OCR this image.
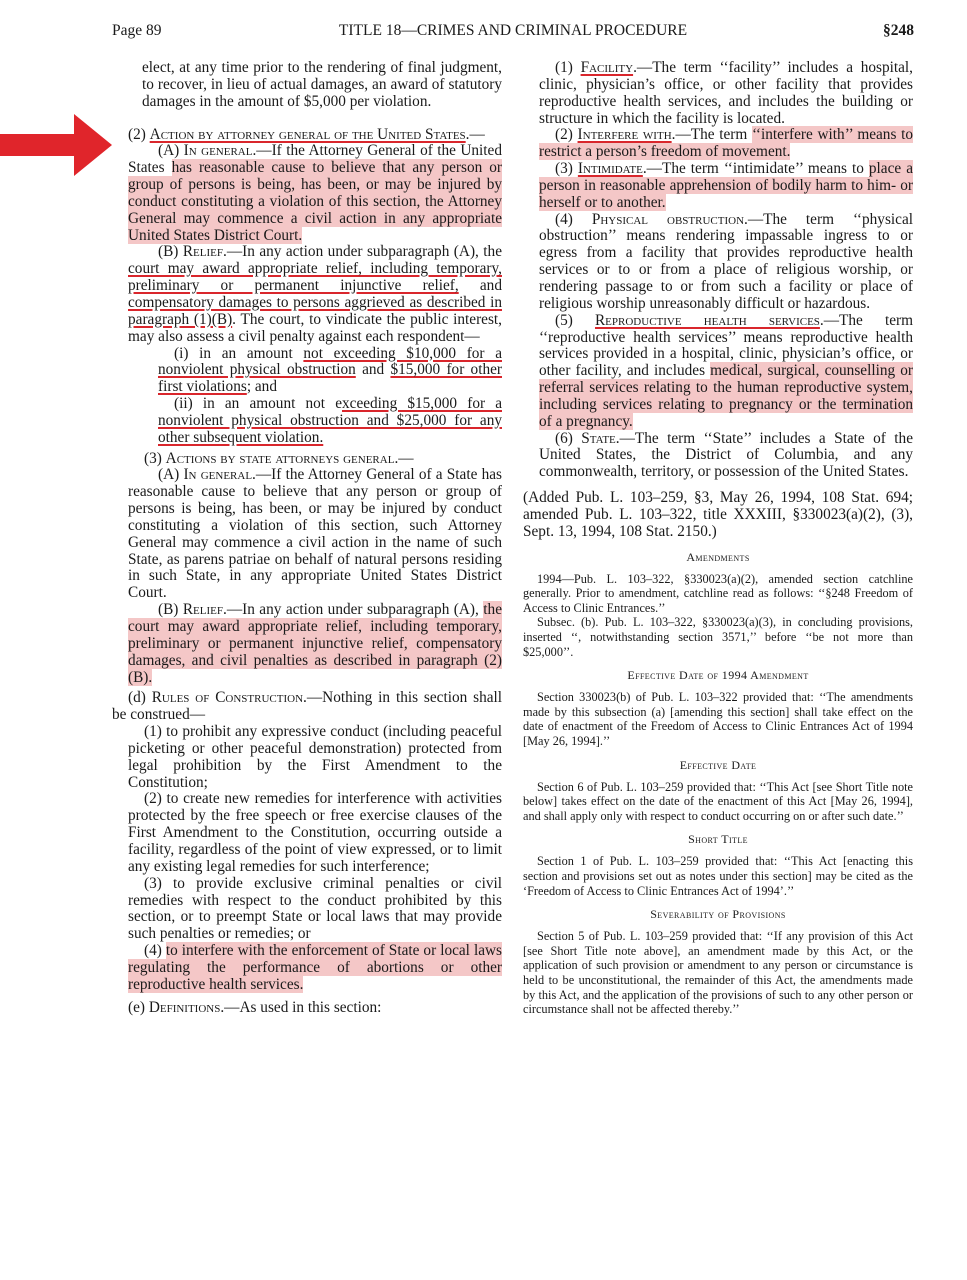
Page 89	TITLE 18—CRIMES AND CRIMINAL PROCEDURE	§248

elect, at any time prior to the rendering of final judgment, to recover, in lieu of actual damages, an award of statutory damages in the amount of $5,000 per violation.

(2) Action by attorney general of the United States.—

(A) In general.—If the Attorney General of the United States has reasonable cause to believe that any person or group of persons is being, has been, or may be injured by conduct constituting a violation of this section, the Attorney General may commence a civil action in any appropriate United States District Court.

(B) Relief.—In any action under subparagraph (A), the court may award appropriate relief, including temporary, preliminary or permanent injunctive relief, and compensatory damages to persons aggrieved as described in paragraph (1)(B). The court, to vindicate the public interest, may also assess a civil penalty against each respondent—

(i) in an amount not exceeding $10,000 for a nonviolent physical obstruction and $15,000 for other first violations; and

(ii) in an amount not exceeding $15,000 for a nonviolent physical obstruction and $25,000 for any other subsequent violation.

(3) Actions by state attorneys general.—

(A) In general.—If the Attorney General of a State has reasonable cause to believe that any person or group of persons is being, has been, or may be injured by conduct constituting a violation of this section, such Attorney General may commence a civil action in the name of such State, as parens patriae on behalf of natural persons residing in such State, in any appropriate United States District Court.

(B) Relief.—In any action under subparagraph (A), the court may award appropriate relief, including temporary, preliminary or permanent injunctive relief, compensatory damages, and civil penalties as described in paragraph (2)(B).

(d) Rules of Construction.—Nothing in this section shall be construed—

(1) to prohibit any expressive conduct (including peaceful picketing or other peaceful demonstration) protected from legal prohibition by the First Amendment to the Constitution;

(2) to create new remedies for interference with activities protected by the free speech or free exercise clauses of the First Amendment to the Constitution, occurring outside a facility, regardless of the point of view expressed, or to limit any existing legal remedies for such interference;

(3) to provide exclusive criminal penalties or civil remedies with respect to the conduct prohibited by this section, or to preempt State or local laws that may provide such penalties or remedies; or

(4) to interfere with the enforcement of State or local laws regulating the performance of abortions or other reproductive health services.

(e) Definitions.—As used in this section:

(1) Facility.—The term ‘‘facility’’ includes a hospital, clinic, physician’s office, or other facility that provides reproductive health services, and includes the building or structure in which the facility is located.

(2) Interfere with.—The term ‘‘interfere with’’ means to restrict a person’s freedom of movement.

(3) Intimidate.—The term ‘‘intimidate’’ means to place a person in reasonable apprehension of bodily harm to him- or herself or to another.

(4) Physical obstruction.—The term ‘‘physical obstruction’’ means rendering impassable ingress to or egress from a facility that provides reproductive health services or to or from a place of religious worship, or rendering passage to or from such a facility or place of religious worship unreasonably difficult or hazardous.

(5) Reproductive health services.—The term ‘‘reproductive health services’’ means reproductive health services provided in a hospital, clinic, physician’s office, or other facility, and includes medical, surgical, counselling or referral services relating to the human reproductive system, including services relating to pregnancy or the termination of a pregnancy.

(6) State.—The term ‘‘State’’ includes a State of the United States, the District of Columbia, and any commonwealth, territory, or possession of the United States.

(Added Pub. L. 103–259, §3, May 26, 1994, 108 Stat. 694; amended Pub. L. 103–322, title XXXIII, §330023(a)(2), (3), Sept. 13, 1994, 108 Stat. 2150.)

Amendments

1994—Pub. L. 103–322, §330023(a)(2), amended section catchline generally. Prior to amendment, catchline read as follows: ‘‘§248 Freedom of Access to Clinic Entrances.’’

Subsec. (b). Pub. L. 103–322, §330023(a)(3), in concluding provisions, inserted ‘‘, notwithstanding section 3571,’’ before ‘‘be not more than $25,000’’.

Effective Date of 1994 Amendment

Section 330023(b) of Pub. L. 103–322 provided that: ‘‘The amendments made by this subsection (a) [amending this section] shall take effect on the date of enactment of the Freedom of Access to Clinic Entrances Act of 1994 [May 26, 1994].’’

Effective Date

Section 6 of Pub. L. 103–259 provided that: ‘‘This Act [see Short Title note below] takes effect on the date of the enactment of this Act [May 26, 1994], and shall apply only with respect to conduct occurring on or after such date.’’

Short Title

Section 1 of Pub. L. 103–259 provided that: ‘‘This Act [enacting this section and provisions set out as notes under this section] may be cited as the ‘Freedom of Access to Clinic Entrances Act of 1994’.’’

Severability of Provisions

Section 5 of Pub. L. 103–259 provided that: ‘‘If any provision of this Act [see Short Title note above], an amendment made by this Act, or the application of such provision or amendment to any person or circumstance is held to be unconstitutional, the remainder of this Act, the amendments made by this Act, and the application of the provisions of such to any other person or circumstance shall not be affected thereby.’’
